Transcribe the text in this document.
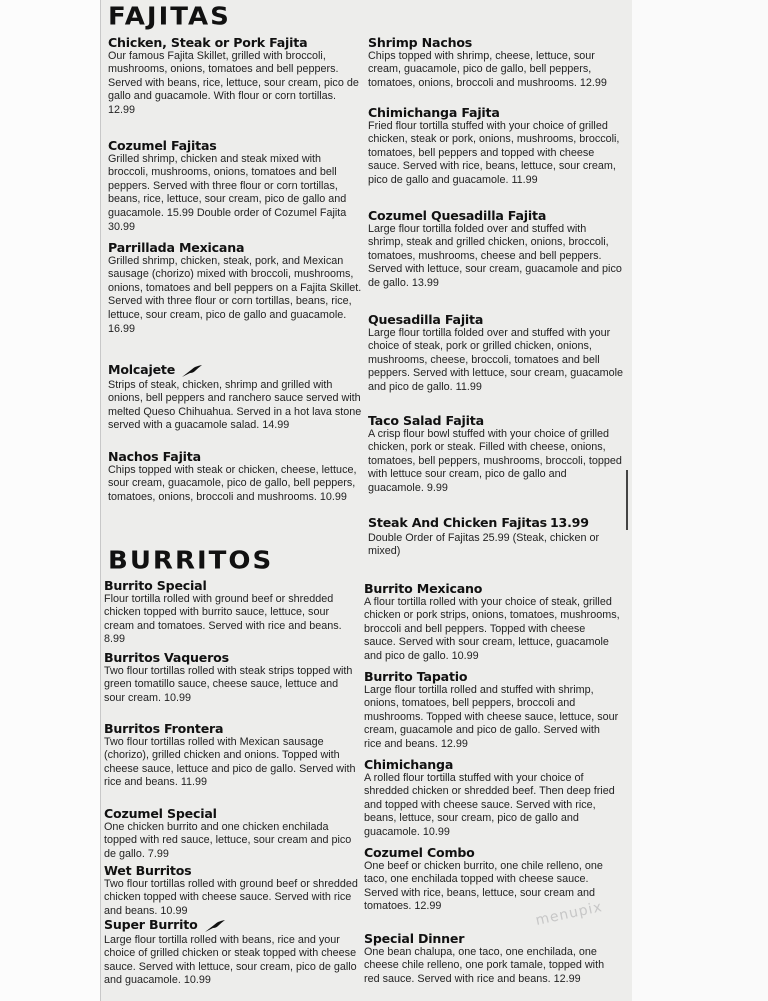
FAJITAS
Chicken, Steak or Pork Fajita
Our famous Fajita Skillet, grilled with broccoli, mushrooms, onions, tomatoes and bell peppers. Served with beans, rice, lettuce, sour cream, pico de gallo and guacamole. With flour or corn tortillas. 12.99
Cozumel Fajitas
Grilled shrimp, chicken and steak mixed with broccoli, mushrooms, onions, tomatoes and bell peppers. Served with three flour or corn tortillas, beans, rice, lettuce, sour cream, pico de gallo and guacamole. 15.99 Double order of Cozumel Fajita 30.99
Parrillada Mexicana
Grilled shrimp, chicken, steak, pork, and Mexican sausage (chorizo) mixed with broccoli, mushrooms, onions, tomatoes and bell peppers on a Fajita Skillet. Served with three flour or corn tortillas, beans, rice, lettuce, sour cream, pico de gallo and guacamole. 16.99
Molcajete
Strips of steak, chicken, shrimp and grilled with onions, bell peppers and ranchero sauce served with melted Queso Chihuahua. Served in a hot lava stone served with a guacamole salad. 14.99
Nachos Fajita
Chips topped with steak or chicken, cheese, lettuce, sour cream, guacamole, pico de gallo, bell peppers, tomatoes, onions, broccoli and mushrooms. 10.99
Shrimp Nachos
Chips topped with shrimp, cheese, lettuce, sour cream, guacamole, pico de gallo, bell peppers, tomatoes, onions, broccoli and mushrooms. 12.99
Chimichanga Fajita
Fried flour tortilla stuffed with your choice of grilled chicken, steak or pork, onions, mushrooms, broccoli, tomatoes, bell peppers and topped with cheese sauce. Served with rice, beans, lettuce, sour cream, pico de gallo and guacamole. 11.99
Cozumel Quesadilla Fajita
Large flour tortilla folded over and stuffed with shrimp, steak and grilled chicken, onions, broccoli, tomatoes, mushrooms, cheese and bell peppers. Served with lettuce, sour cream, guacamole and pico de gallo. 13.99
Quesadilla Fajita
Large flour tortilla folded over and stuffed with your choice of steak, pork or grilled chicken, onions, mushrooms, cheese, broccoli, tomatoes and bell peppers. Served with lettuce, sour cream, guacamole and pico de gallo. 11.99
Taco Salad Fajita
A crisp flour bowl stuffed with your choice of grilled chicken, pork or steak. Filled with cheese, onions, tomatoes, bell peppers, mushrooms, broccoli, topped with lettuce sour cream, pico de gallo and guacamole. 9.99
Steak And Chicken Fajitas 13.99
Double Order of Fajitas 25.99 (Steak, chicken or mixed)
BURRITOS
Burrito Special
Flour tortilla rolled with ground beef or shredded chicken topped with burrito sauce, lettuce, sour cream and tomatoes. Served with rice and beans. 8.99
Burritos Vaqueros
Two flour tortillas rolled with steak strips topped with green tomatillo sauce, cheese sauce, lettuce and sour cream. 10.99
Burritos Frontera
Two flour tortillas rolled with Mexican sausage (chorizo), grilled chicken and onions. Topped with cheese sauce, lettuce and pico de gallo. Served with rice and beans. 11.99
Cozumel Special
One chicken burrito and one chicken enchilada topped with red sauce, lettuce, sour cream and pico de gallo. 7.99
Wet Burritos
Two flour tortillas rolled with ground beef or shredded chicken topped with cheese sauce. Served with rice and beans. 10.99
Super Burrito
Large flour tortilla rolled with beans, rice and your choice of grilled chicken or steak topped with cheese sauce. Served with lettuce, sour cream, pico de gallo and guacamole. 10.99
Burrito Mexicano
A flour tortilla rolled with your choice of steak, grilled chicken or pork strips, onions, tomatoes, mushrooms, broccoli and bell peppers. Topped with cheese sauce. Served with sour cream, lettuce, guacamole and pico de gallo. 10.99
Burrito Tapatio
Large flour tortilla rolled and stuffed with shrimp, onions, tomatoes, bell peppers, broccoli and mushrooms. Topped with cheese sauce, lettuce, sour cream, guacamole and pico de gallo. Served with rice and beans. 12.99
Chimichanga
A rolled flour tortilla stuffed with your choice of shredded chicken or shredded beef. Then deep fried and topped with cheese sauce. Served with rice, beans, lettuce, sour cream, pico de gallo and guacamole. 10.99
Cozumel Combo
One beef or chicken burrito, one chile relleno, one taco, one enchilada topped with cheese sauce. Served with rice, beans, lettuce, sour cream and tomatoes. 12.99
Special Dinner
One bean chalupa, one taco, one enchilada, one cheese chile relleno, one pork tamale, topped with red sauce. Served with rice and beans. 12.99
menupix
